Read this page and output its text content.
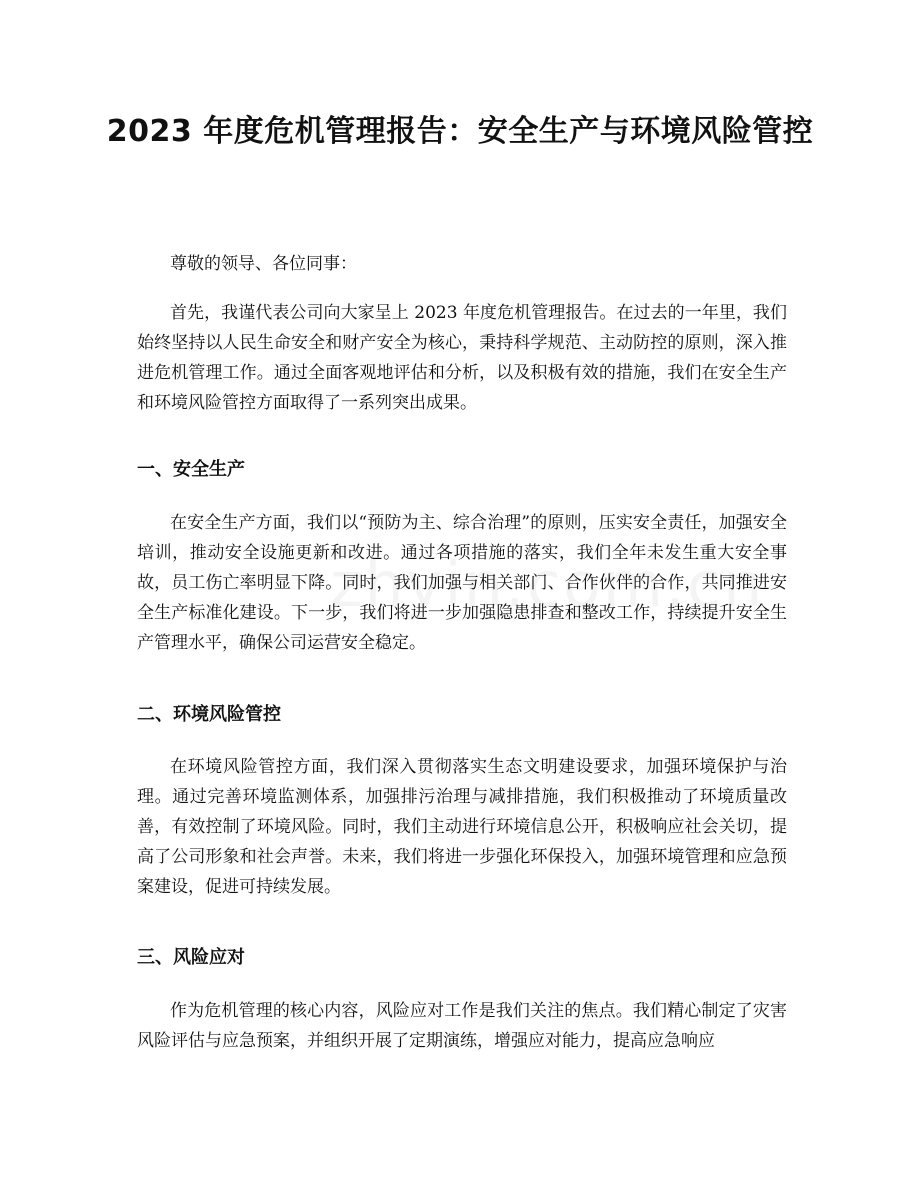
2023 年度危机管理报告：安全生产与环境风险管控

尊敬的领导、各位同事：

首先，我谨代表公司向大家呈上 2023 年度危机管理报告。在过去的一年里，我们始终坚持以人民生命安全和财产安全为核心，秉持科学规范、主动防控的原则，深入推进危机管理工作。通过全面客观地评估和分析，以及积极有效的措施，我们在安全生产和环境风险管控方面取得了一系列突出成果。

一、安全生产

在安全生产方面，我们以“预防为主、综合治理”的原则，压实安全责任，加强安全培训，推动安全设施更新和改进。通过各项措施的落实，我们全年未发生重大安全事故，员工伤亡率明显下降。同时，我们加强与相关部门、合作伙伴的合作，共同推进安全生产标准化建设。下一步，我们将进一步加强隐患排查和整改工作，持续提升安全生产管理水平，确保公司运营安全稳定。

二、环境风险管控

在环境风险管控方面，我们深入贯彻落实生态文明建设要求，加强环境保护与治理。通过完善环境监测体系，加强排污治理与减排措施，我们积极推动了环境质量改善，有效控制了环境风险。同时，我们主动进行环境信息公开，积极响应社会关切，提高了公司形象和社会声誉。未来，我们将进一步强化环保投入，加强环境管理和应急预案建设，促进可持续发展。

三、风险应对

作为危机管理的核心内容，风险应对工作是我们关注的焦点。我们精心制定了灾害风险评估与应急预案，并组织开展了定期演练，增强应对能力，提高应急响应
